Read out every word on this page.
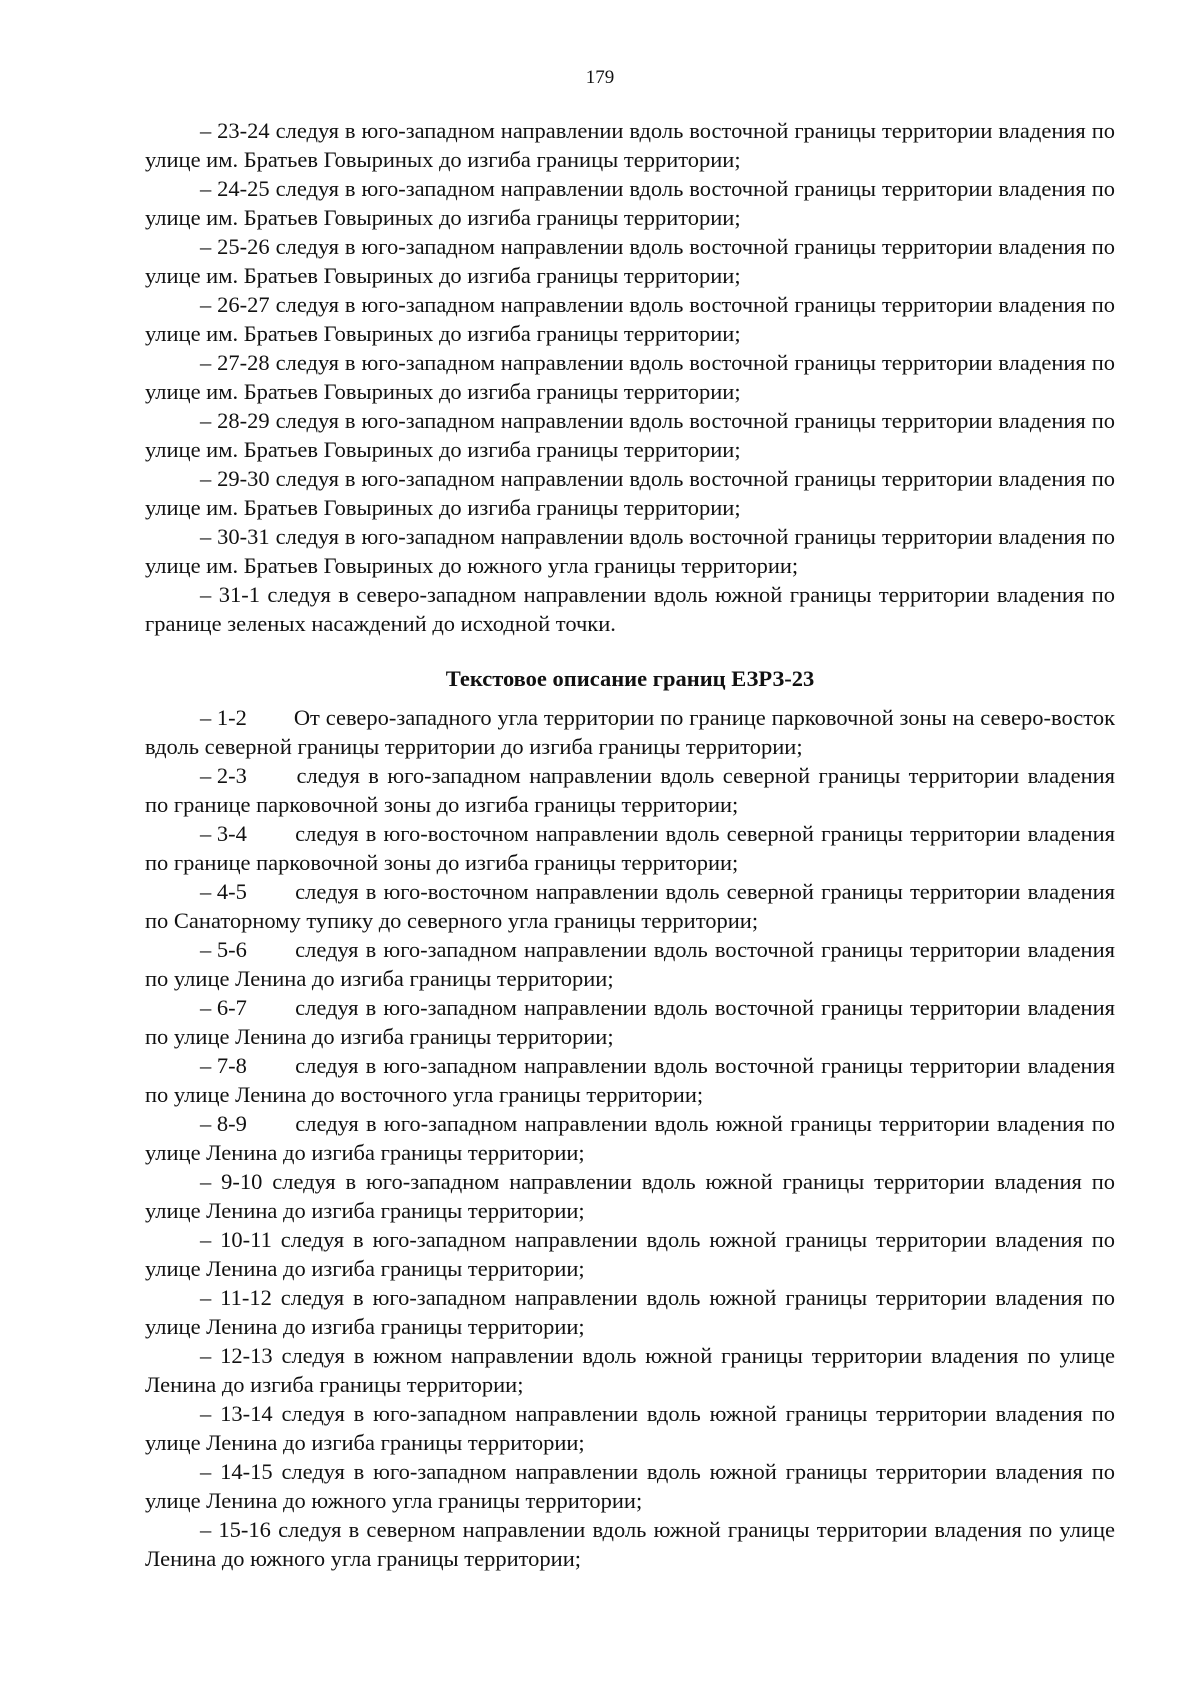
179

– 23-24 следуя в юго-западном направлении вдоль восточной границы территории владения по улице им. Братьев Говыриных до изгиба границы территории;

– 24-25 следуя в юго-западном направлении вдоль восточной границы территории владения по улице им. Братьев Говыриных до изгиба границы территории;

– 25-26 следуя в юго-западном направлении вдоль восточной границы территории владения по улице им. Братьев Говыриных до изгиба границы территории;

– 26-27 следуя в юго-западном направлении вдоль восточной границы территории владения по улице им. Братьев Говыриных до изгиба границы территории;

– 27-28 следуя в юго-западном направлении вдоль восточной границы территории владения по улице им. Братьев Говыриных до изгиба границы территории;

– 28-29 следуя в юго-западном направлении вдоль восточной границы территории владения по улице им. Братьев Говыриных до изгиба границы территории;

– 29-30 следуя в юго-западном направлении вдоль восточной границы территории владения по улице им. Братьев Говыриных до изгиба границы территории;

– 30-31 следуя в юго-западном направлении вдоль восточной границы территории владения по улице им. Братьев Говыриных до южного угла границы территории;

– 31-1 следуя в северо-западном направлении вдоль южной границы территории владения по границе зеленых насаждений до исходной точки.

Текстовое описание границ ЕЗРЗ-23

– 1-2 От северо-западного угла территории по границе парковочной зоны на северо-восток вдоль северной границы территории до изгиба границы территории;

– 2-3 следуя в юго-западном направлении вдоль северной границы территории владения по границе парковочной зоны до изгиба границы территории;

– 3-4 следуя в юго-восточном направлении вдоль северной границы территории владения по границе парковочной зоны до изгиба границы территории;

– 4-5 следуя в юго-восточном направлении вдоль северной границы территории владения по Санаторному тупику до северного угла границы территории;

– 5-6 следуя в юго-западном направлении вдоль восточной границы территории владения по улице Ленина до изгиба границы территории;

– 6-7 следуя в юго-западном направлении вдоль восточной границы территории владения по улице Ленина до изгиба границы территории;

– 7-8 следуя в юго-западном направлении вдоль восточной границы территории владения по улице Ленина до восточного угла границы территории;

– 8-9 следуя в юго-западном направлении вдоль южной границы территории владения по улице Ленина до изгиба границы территории;

– 9-10 следуя в юго-западном направлении вдоль южной границы территории владения по улице Ленина до изгиба границы территории;

– 10-11 следуя в юго-западном направлении вдоль южной границы территории владения по улице Ленина до изгиба границы территории;

– 11-12 следуя в юго-западном направлении вдоль южной границы территории владения по улице Ленина до изгиба границы территории;

– 12-13 следуя в южном направлении вдоль южной границы территории владения по улице Ленина до изгиба границы территории;

– 13-14 следуя в юго-западном направлении вдоль южной границы территории владения по улице Ленина до изгиба границы территории;

– 14-15 следуя в юго-западном направлении вдоль южной границы территории владения по улице Ленина до южного угла границы территории;

– 15-16 следуя в северном направлении вдоль южной границы территории владения по улице Ленина до южного угла границы территории;
